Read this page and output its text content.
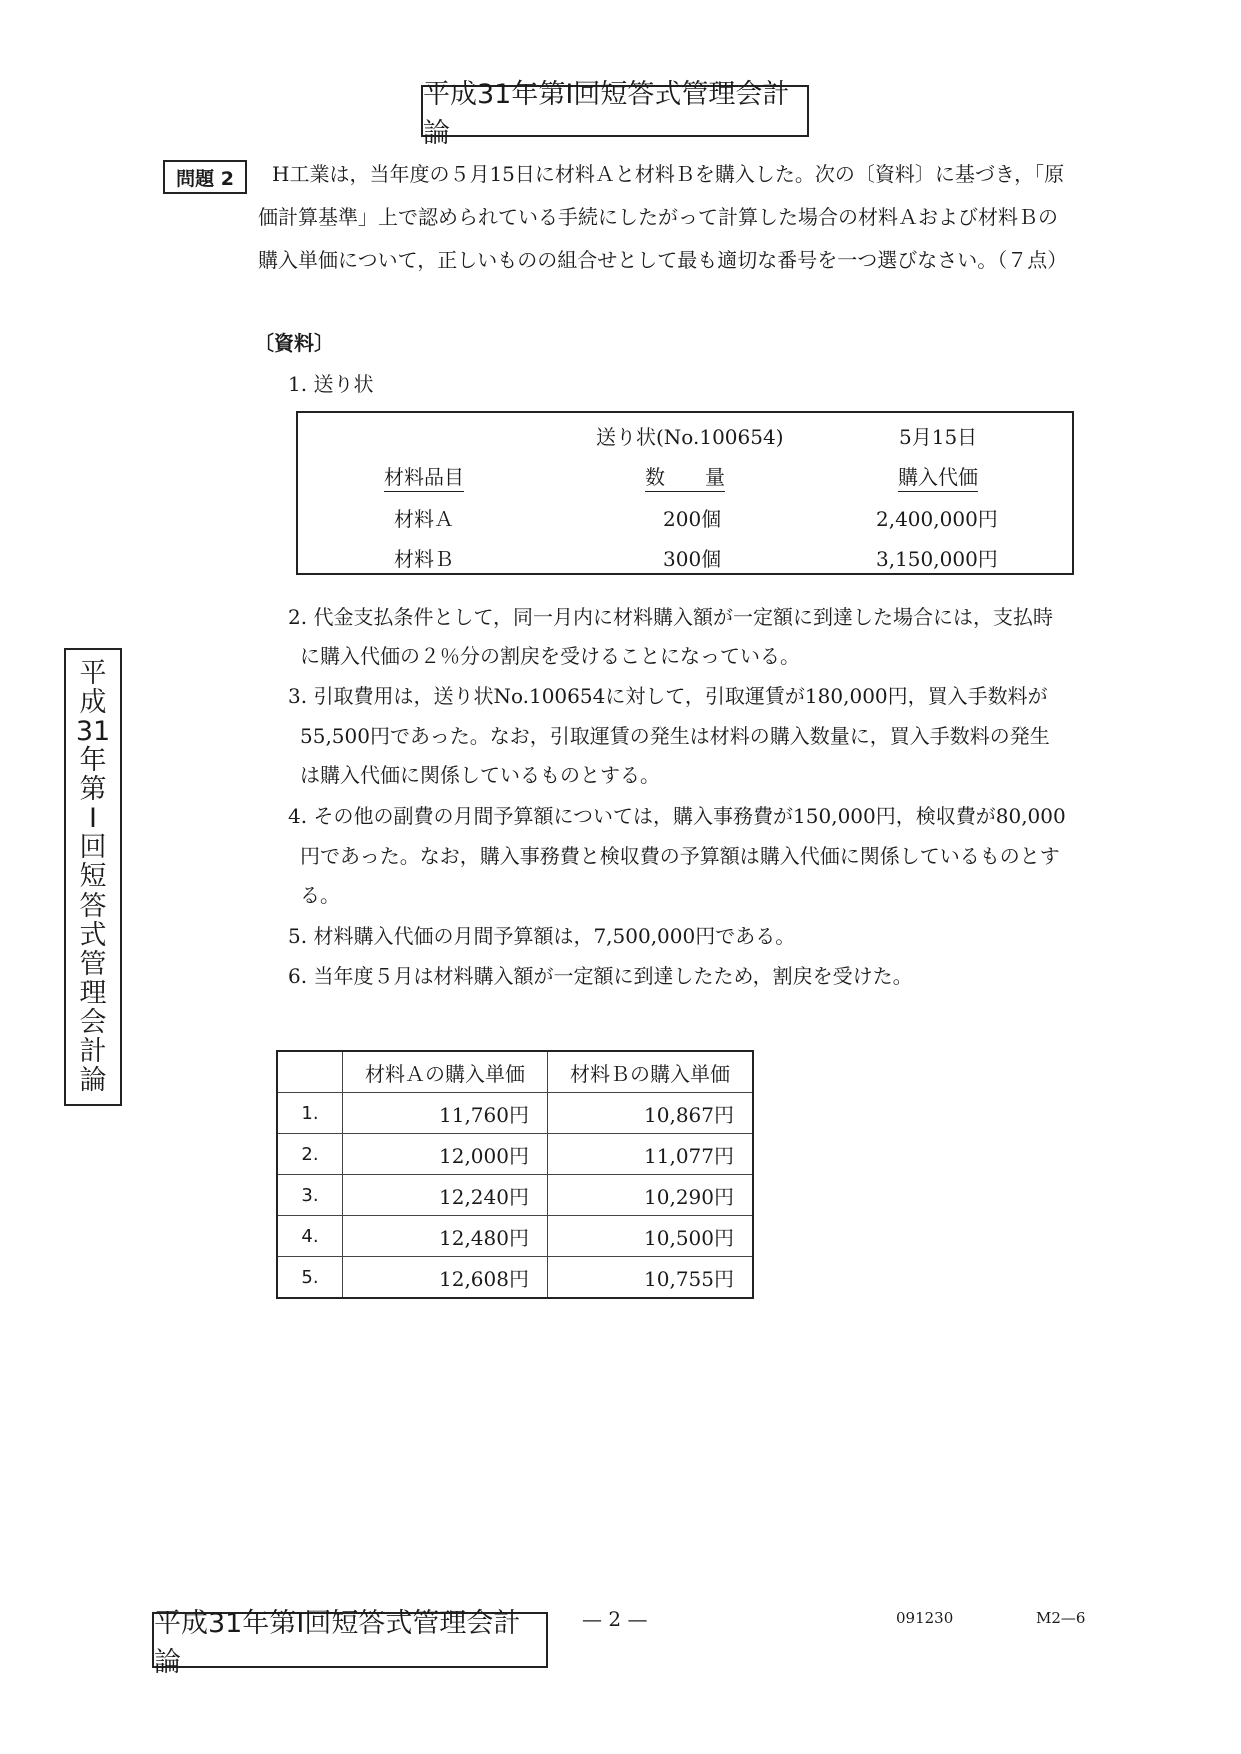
平成31年第Ⅰ回短答式管理会計論
問題 2 H工業は，当年度の５月15日に材料Ａと材料Ｂを購入した。次の〔資料〕に基づき，「原
価計算基準」上で認められている手続にしたがって計算した場合の材料Ａおよび材料Ｂの
購入単価について，正しいものの組合せとして最も適切な番号を一つ選びなさい。（７点）
〔資料〕
1. 送り状
送り状(No.100654)	5月15日
材料品目	数　　量	購入代価
材料Ａ	200個	2,400,000円
材料Ｂ	300個	3,150,000円
2. 代金支払条件として，同一月内に材料購入額が一定額に到達した場合には，支払時
に購入代価の２％分の割戻を受けることになっている。
3. 引取費用は，送り状No.100654に対して，引取運賃が180,000円，買入手数料が
55,500円であった。なお，引取運賃の発生は材料の購入数量に，買入手数料の発生
は購入代価に関係しているものとする。
4. その他の副費の月間予算額については，購入事務費が150,000円，検収費が80,000
円であった。なお，購入事務費と検収費の予算額は購入代価に関係しているものとす
る。
5. 材料購入代価の月間予算額は，7,500,000円である。
6. 当年度５月は材料購入額が一定額に到達したため，割戻を受けた。
平
成
31
年
第
Ⅰ
回
短
答
式
管
理
会
計
論
		材料Ａの購入単価	材料Ｂの購入単価
1.	11,760円	10,867円
2.	12,000円	11,077円
3.	12,240円	10,290円
4.	12,480円	10,500円
5.	12,608円	10,755円
平成31年第Ⅰ回短答式管理会計論
— 2 —	091230	M2—6
